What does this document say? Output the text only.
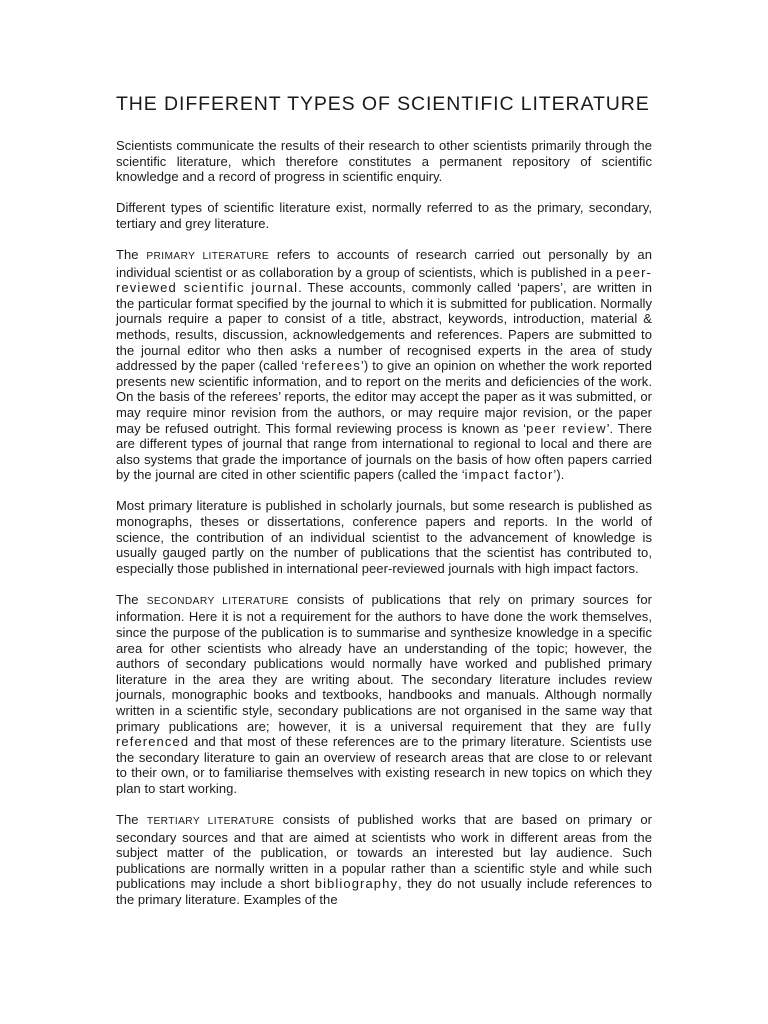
THE DIFFERENT TYPES OF SCIENTIFIC LITERATURE

Scientists communicate the results of their research to other scientists primarily through the scientific literature, which therefore constitutes a permanent repository of scientific knowledge and a record of progress in scientific enquiry.

Different types of scientific literature exist, normally referred to as the primary, secondary, tertiary and grey literature.

The PRIMARY LITERATURE refers to accounts of research carried out personally by an individual scientist or as collaboration by a group of scientists, which is published in a peer-reviewed scientific journal. These accounts, commonly called ‘papers’, are written in the particular format specified by the journal to which it is submitted for publication. Normally journals require a paper to consist of a title, abstract, keywords, introduction, material & methods, results, discussion, acknowledgements and references. Papers are submitted to the journal editor who then asks a number of recognised experts in the area of study addressed by the paper (called ‘referees’) to give an opinion on whether the work reported presents new scientific information, and to report on the merits and deficiencies of the work. On the basis of the referees’ reports, the editor may accept the paper as it was submitted, or may require minor revision from the authors, or may require major revision, or the paper may be refused outright. This formal reviewing process is known as ‘peer review’. There are different types of journal that range from international to regional to local and there are also systems that grade the importance of journals on the basis of how often papers carried by the journal are cited in other scientific papers (called the ‘impact factor’).

Most primary literature is published in scholarly journals, but some research is published as monographs, theses or dissertations, conference papers and reports. In the world of science, the contribution of an individual scientist to the advancement of knowledge is usually gauged partly on the number of publications that the scientist has contributed to, especially those published in international peer-reviewed journals with high impact factors.

The SECONDARY LITERATURE consists of publications that rely on primary sources for information. Here it is not a requirement for the authors to have done the work themselves, since the purpose of the publication is to summarise and synthesize knowledge in a specific area for other scientists who already have an understanding of the topic; however, the authors of secondary publications would normally have worked and published primary literature in the area they are writing about. The secondary literature includes review journals, monographic books and textbooks, handbooks and manuals. Although normally written in a scientific style, secondary publications are not organised in the same way that primary publications are; however, it is a universal requirement that they are fully referenced and that most of these references are to the primary literature. Scientists use the secondary literature to gain an overview of research areas that are close to or relevant to their own, or to familiarise themselves with existing research in new topics on which they plan to start working.

The TERTIARY LITERATURE consists of published works that are based on primary or secondary sources and that are aimed at scientists who work in different areas from the subject matter of the publication, or towards an interested but lay audience. Such publications are normally written in a popular rather than a scientific style and while such publications may include a short bibliography, they do not usually include references to the primary literature. Examples of the
